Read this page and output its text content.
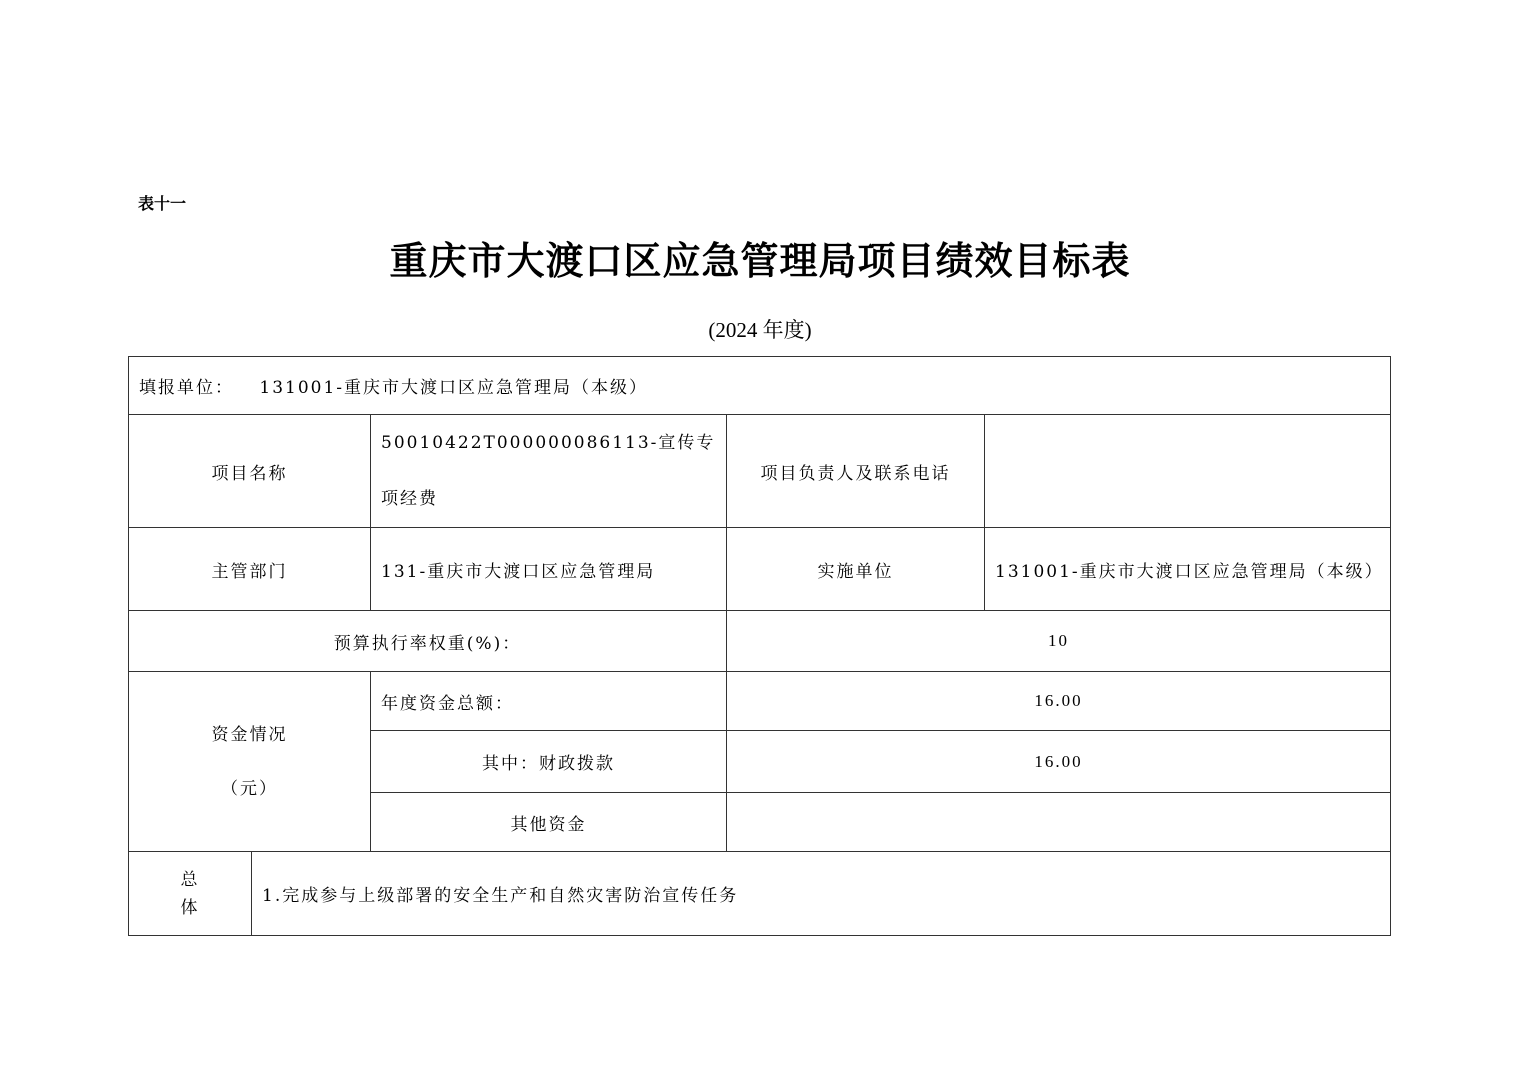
表十一
重庆市大渡口区应急管理局项目绩效目标表
(2024 年度)
填报单位： 131001-重庆市大渡口区应急管理局（本级）				
项目名称		50010422T000000086113-宣传专项经费	项目负责人及联系电话	
主管部门		131-重庆市大渡口区应急管理局	实施单位	131001-重庆市大渡口区应急管理局（本级）
预算执行率权重(%)：			10	

资金情况
（元）		年度资金总额：	16.00	
		其中：财政拨款	16.00	
		其他资金		

总
体	1.完成参与上级部署的安全生产和自然灾害防治宣传任务			
